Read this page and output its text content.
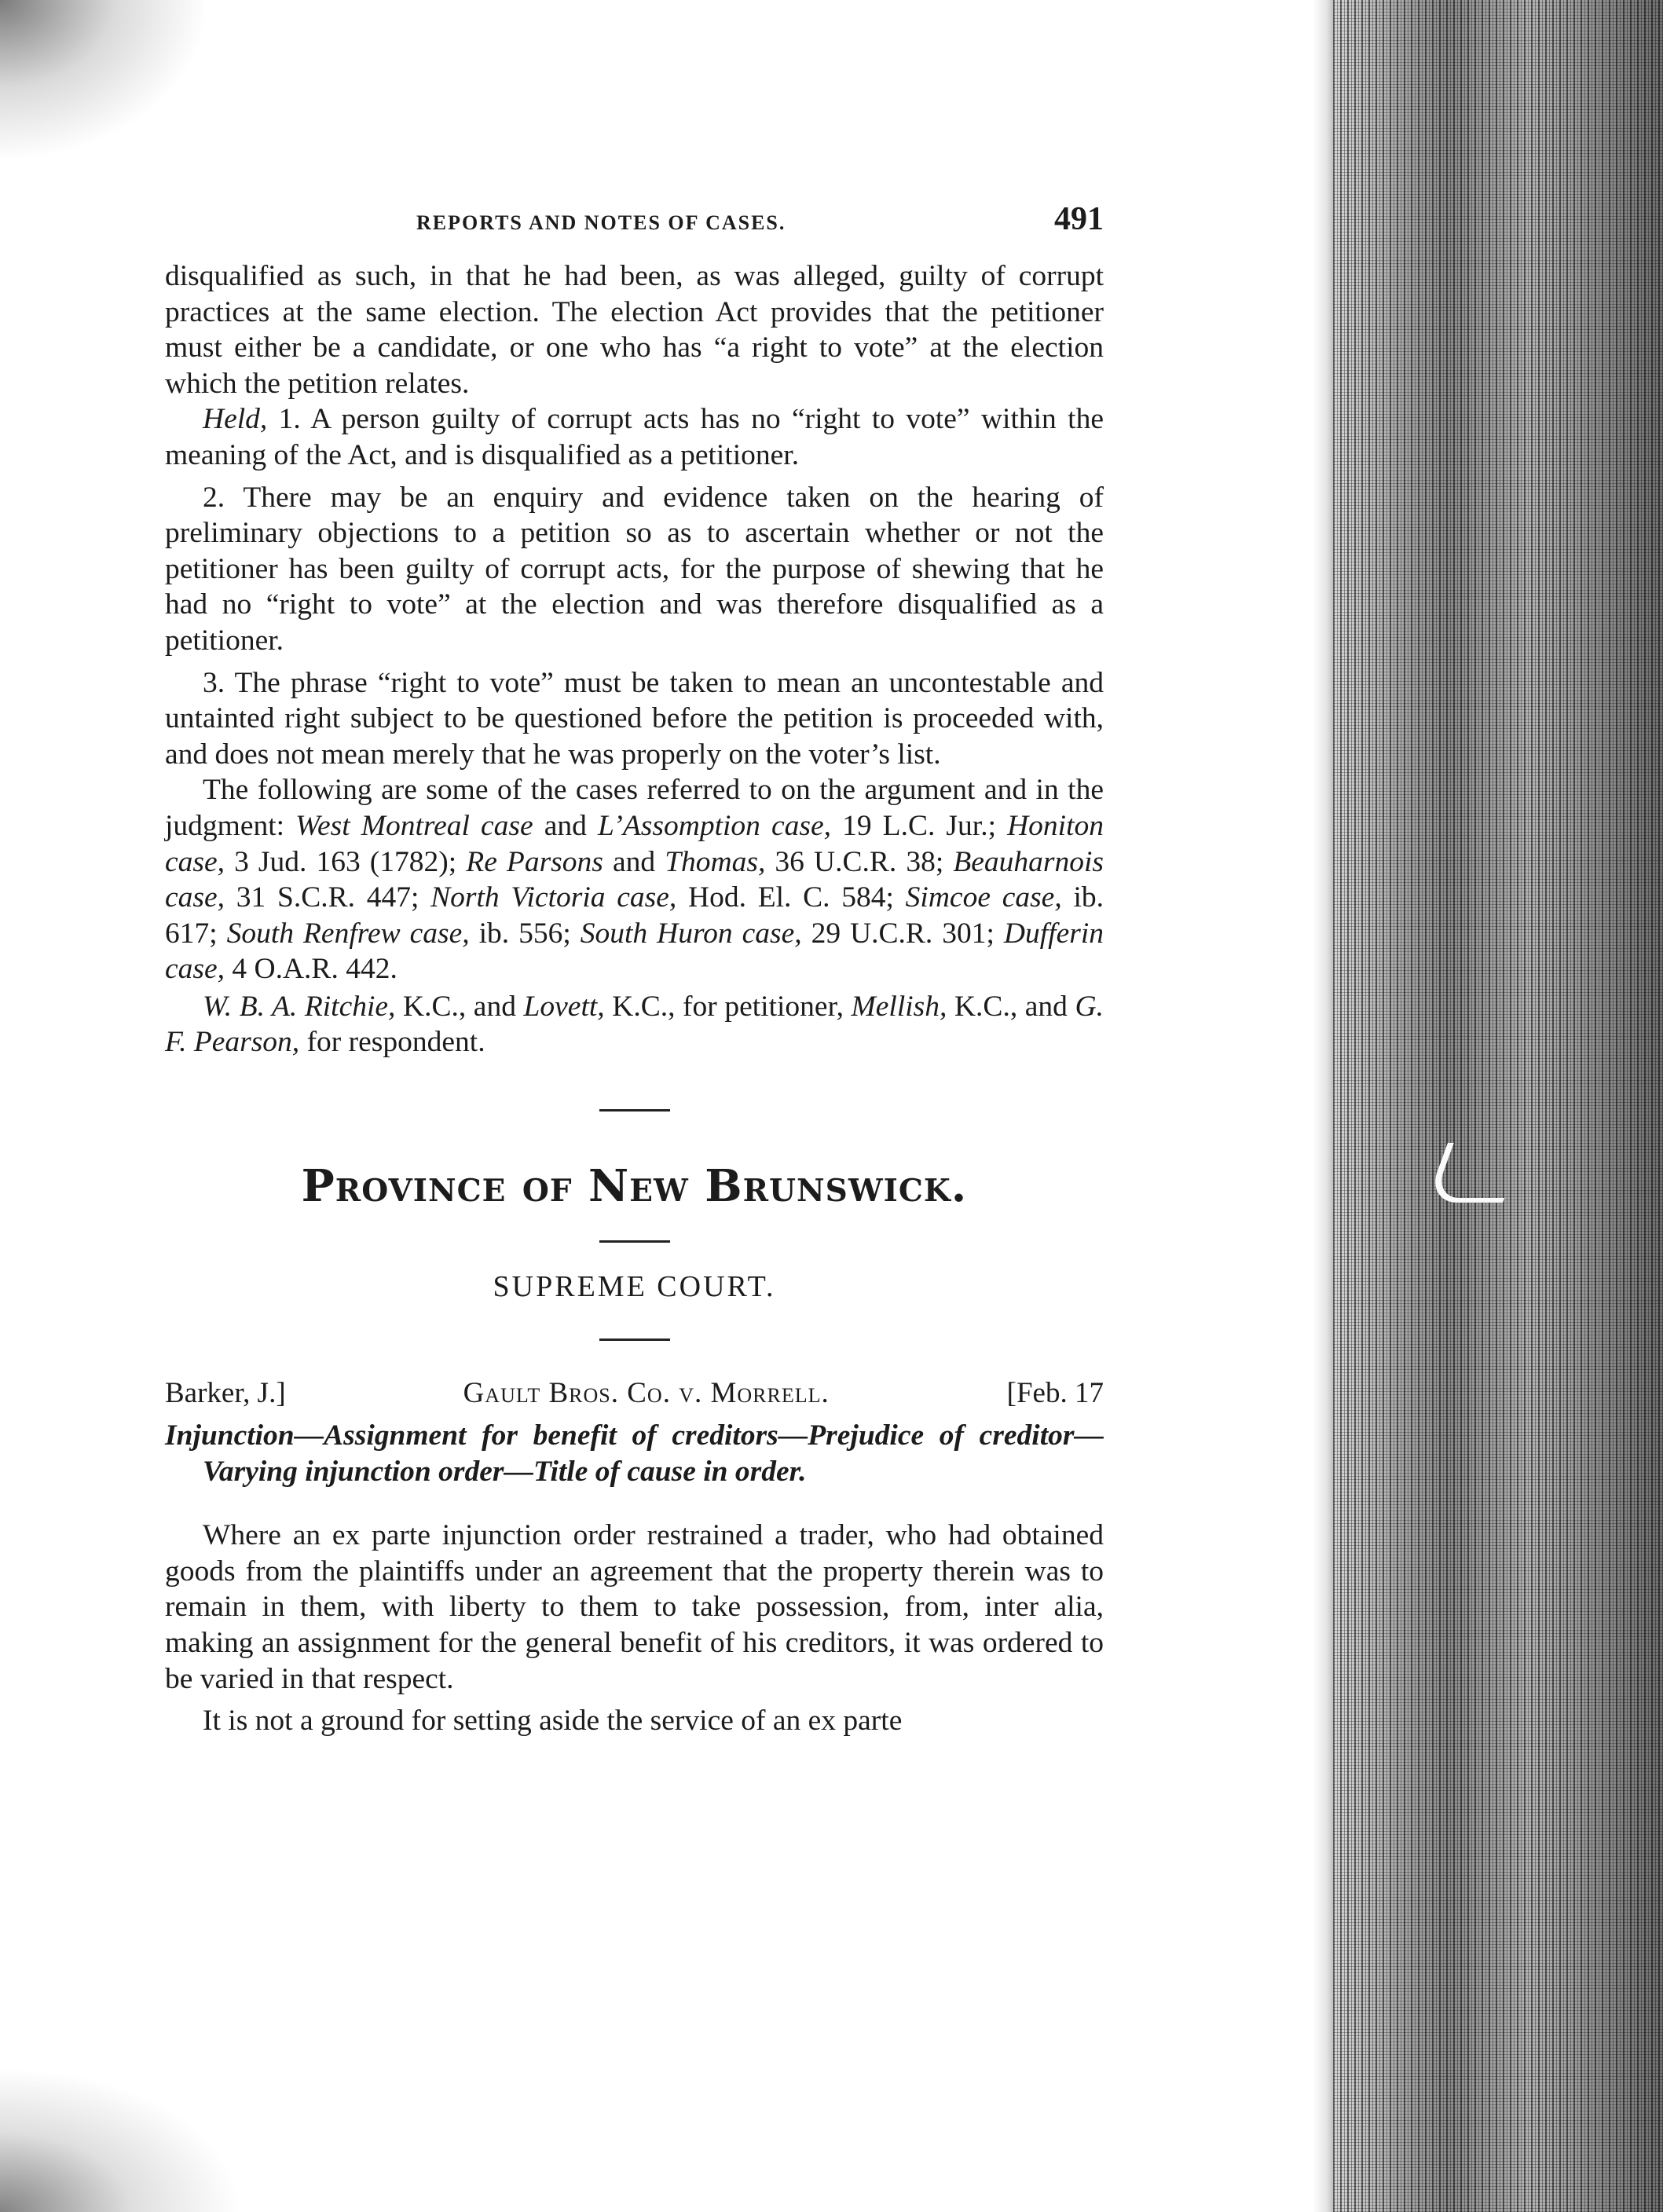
REPORTS AND NOTES OF CASES.	491

disqualified as such, in that he had been, as was alleged, guilty of corrupt practices at the same election. The election Act provides that the petitioner must either be a candidate, or one who has “a right to vote” at the election which the petition relates.

Held, 1. A person guilty of corrupt acts has no “right to vote” within the meaning of the Act, and is disqualified as a petitioner.

2. There may be an enquiry and evidence taken on the hearing of preliminary objections to a petition so as to ascertain whether or not the petitioner has been guilty of corrupt acts, for the purpose of shewing that he had no “right to vote” at the election and was therefore disqualified as a petitioner.

3. The phrase “right to vote” must be taken to mean an uncontestable and untainted right subject to be questioned before the petition is proceeded with, and does not mean merely that he was properly on the voter’s list.

The following are some of the cases referred to on the argument and in the judgment: West Montreal case and L’Assomption case, 19 L.C. Jur.; Honiton case, 3 Jud. 163 (1782); Re Parsons and Thomas, 36 U.C.R. 38; Beauharnois case, 31 S.C.R. 447; North Victoria case, Hod. El. C. 584; Simcoe case, ib. 617; South Renfrew case, ib. 556; South Huron case, 29 U.C.R. 301; Dufferin case, 4 O.A.R. 442.

W. B. A. Ritchie, K.C., and Lovett, K.C., for petitioner, Mellish, K.C., and G. F. Pearson, for respondent.

Province of New Brunswick.
SUPREME COURT.
Barker, J.]	Gault Bros. Co. v. Morrell.	[Feb. 17
Injunction—Assignment for benefit of creditors—Prejudice of creditor—Varying injunction order—Title of cause in order.

Where an ex parte injunction order restrained a trader, who had obtained goods from the plaintiffs under an agreement that the property therein was to remain in them, with liberty to them to take possession, from, inter alia, making an assignment for the general benefit of his creditors, it was ordered to be varied in that respect.

It is not a ground for setting aside the service of an ex parte
